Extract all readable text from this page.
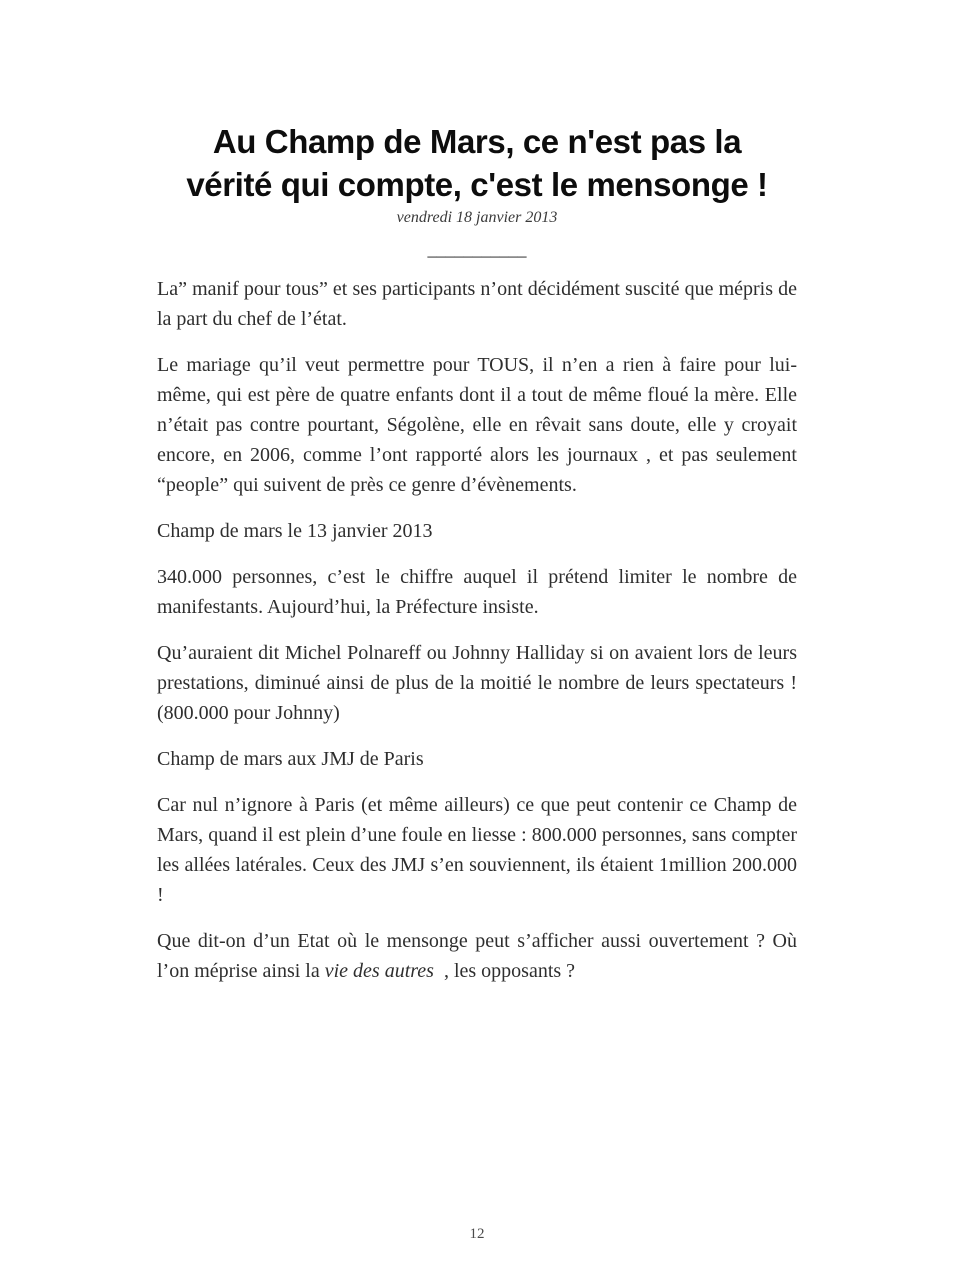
Au Champ de Mars, ce n'est pas la
vérité qui compte, c'est le mensonge !
vendredi 18 janvier 2013
___________

La” manif pour tous” et ses participants n’ont décidément suscité que mépris de la part du chef de l’état.

Le mariage qu’il veut permettre pour TOUS, il n’en a rien à faire pour lui-même, qui est père de quatre enfants dont il a tout de même floué la mère. Elle n’était pas contre pourtant, Ségolène, elle en rêvait sans doute, elle y croyait encore, en 2006, comme l’ont rapporté alors les journaux , et pas seulement “people” qui suivent de près ce genre d’évènements.

Champ de mars le 13 janvier 2013

340.000 personnes, c’est le chiffre auquel il prétend limiter le nombre de manifestants. Aujourd’hui, la Préfecture insiste.

Qu’auraient dit Michel Polnareff ou Johnny Halliday si on avaient lors de leurs prestations, diminué ainsi de plus de la moitié le nombre de leurs spectateurs ! (800.000 pour Johnny)

Champ de mars aux JMJ de Paris

Car nul n’ignore à Paris (et même ailleurs) ce que peut contenir ce Champ de Mars, quand il est plein d’une foule en liesse : 800.000 personnes, sans compter les allées latérales. Ceux des JMJ s’en souviennent, ils étaient 1million 200.000 !

Que dit-on d’un Etat où le mensonge peut s’afficher aussi ouvertement ? Où l’on méprise ainsi la vie des autres  , les opposants ?

12
